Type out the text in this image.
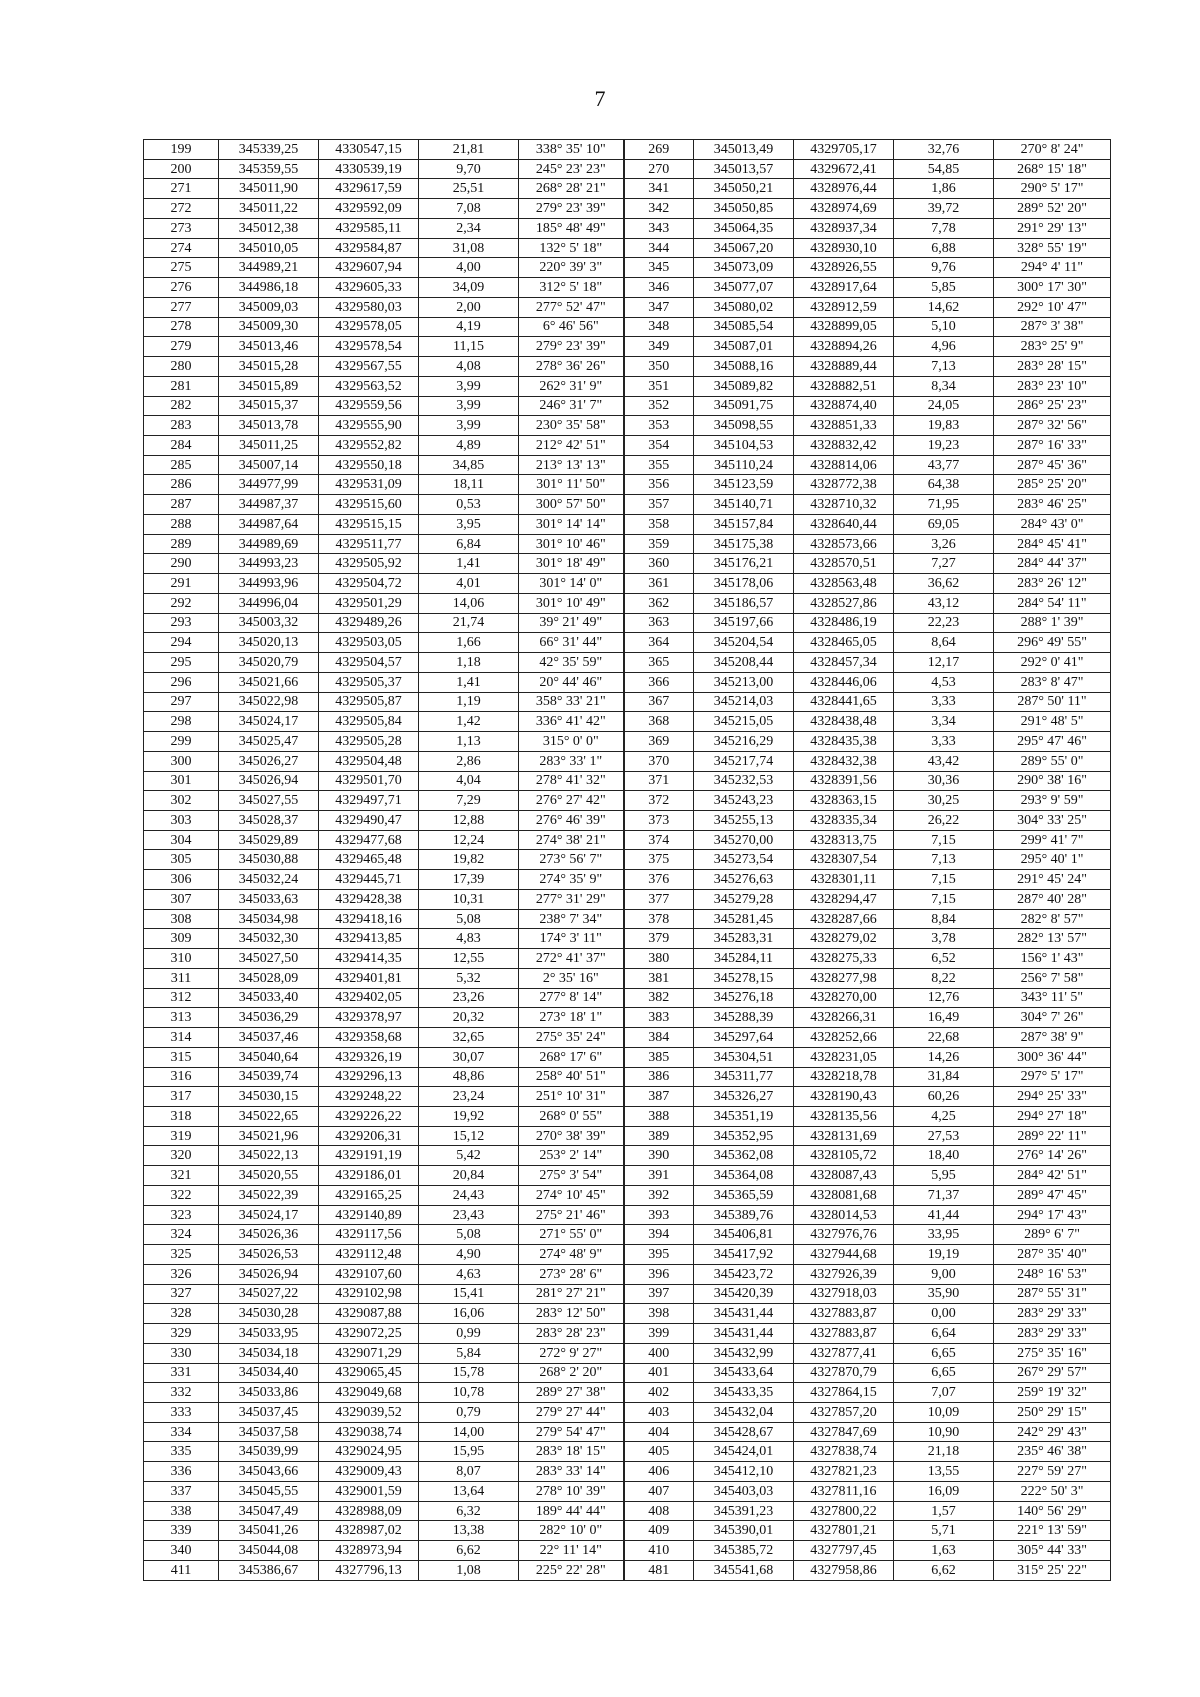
7
199	345339,25	4330547,15	21,81	338° 35' 10"	269	345013,49	4329705,17	32,76	270° 8' 24"
200	345359,55	4330539,19	9,70	245° 23' 23"	270	345013,57	4329672,41	54,85	268° 15' 18"
271	345011,90	4329617,59	25,51	268° 28' 21"	341	345050,21	4328976,44	1,86	290° 5' 17"
272	345011,22	4329592,09	7,08	279° 23' 39"	342	345050,85	4328974,69	39,72	289° 52' 20"
273	345012,38	4329585,11	2,34	185° 48' 49"	343	345064,35	4328937,34	7,78	291° 29' 13"
274	345010,05	4329584,87	31,08	132° 5' 18"	344	345067,20	4328930,10	6,88	328° 55' 19"
275	344989,21	4329607,94	4,00	220° 39' 3"	345	345073,09	4328926,55	9,76	294° 4' 11"
276	344986,18	4329605,33	34,09	312° 5' 18"	346	345077,07	4328917,64	5,85	300° 17' 30"
277	345009,03	4329580,03	2,00	277° 52' 47"	347	345080,02	4328912,59	14,62	292° 10' 47"
278	345009,30	4329578,05	4,19	6° 46' 56"	348	345085,54	4328899,05	5,10	287° 3' 38"
279	345013,46	4329578,54	11,15	279° 23' 39"	349	345087,01	4328894,26	4,96	283° 25' 9"
280	345015,28	4329567,55	4,08	278° 36' 26"	350	345088,16	4328889,44	7,13	283° 28' 15"
281	345015,89	4329563,52	3,99	262° 31' 9"	351	345089,82	4328882,51	8,34	283° 23' 10"
282	345015,37	4329559,56	3,99	246° 31' 7"	352	345091,75	4328874,40	24,05	286° 25' 23"
283	345013,78	4329555,90	3,99	230° 35' 58"	353	345098,55	4328851,33	19,83	287° 32' 56"
284	345011,25	4329552,82	4,89	212° 42' 51"	354	345104,53	4328832,42	19,23	287° 16' 33"
285	345007,14	4329550,18	34,85	213° 13' 13"	355	345110,24	4328814,06	43,77	287° 45' 36"
286	344977,99	4329531,09	18,11	301° 11' 50"	356	345123,59	4328772,38	64,38	285° 25' 20"
287	344987,37	4329515,60	0,53	300° 57' 50"	357	345140,71	4328710,32	71,95	283° 46' 25"
288	344987,64	4329515,15	3,95	301° 14' 14"	358	345157,84	4328640,44	69,05	284° 43' 0"
289	344989,69	4329511,77	6,84	301° 10' 46"	359	345175,38	4328573,66	3,26	284° 45' 41"
290	344993,23	4329505,92	1,41	301° 18' 49"	360	345176,21	4328570,51	7,27	284° 44' 37"
291	344993,96	4329504,72	4,01	301° 14' 0"	361	345178,06	4328563,48	36,62	283° 26' 12"
292	344996,04	4329501,29	14,06	301° 10' 49"	362	345186,57	4328527,86	43,12	284° 54' 11"
293	345003,32	4329489,26	21,74	39° 21' 49"	363	345197,66	4328486,19	22,23	288° 1' 39"
294	345020,13	4329503,05	1,66	66° 31' 44"	364	345204,54	4328465,05	8,64	296° 49' 55"
295	345020,79	4329504,57	1,18	42° 35' 59"	365	345208,44	4328457,34	12,17	292° 0' 41"
296	345021,66	4329505,37	1,41	20° 44' 46"	366	345213,00	4328446,06	4,53	283° 8' 47"
297	345022,98	4329505,87	1,19	358° 33' 21"	367	345214,03	4328441,65	3,33	287° 50' 11"
298	345024,17	4329505,84	1,42	336° 41' 42"	368	345215,05	4328438,48	3,34	291° 48' 5"
299	345025,47	4329505,28	1,13	315° 0' 0"	369	345216,29	4328435,38	3,33	295° 47' 46"
300	345026,27	4329504,48	2,86	283° 33' 1"	370	345217,74	4328432,38	43,42	289° 55' 0"
301	345026,94	4329501,70	4,04	278° 41' 32"	371	345232,53	4328391,56	30,36	290° 38' 16"
302	345027,55	4329497,71	7,29	276° 27' 42"	372	345243,23	4328363,15	30,25	293° 9' 59"
303	345028,37	4329490,47	12,88	276° 46' 39"	373	345255,13	4328335,34	26,22	304° 33' 25"
304	345029,89	4329477,68	12,24	274° 38' 21"	374	345270,00	4328313,75	7,15	299° 41' 7"
305	345030,88	4329465,48	19,82	273° 56' 7"	375	345273,54	4328307,54	7,13	295° 40' 1"
306	345032,24	4329445,71	17,39	274° 35' 9"	376	345276,63	4328301,11	7,15	291° 45' 24"
307	345033,63	4329428,38	10,31	277° 31' 29"	377	345279,28	4328294,47	7,15	287° 40' 28"
308	345034,98	4329418,16	5,08	238° 7' 34"	378	345281,45	4328287,66	8,84	282° 8' 57"
309	345032,30	4329413,85	4,83	174° 3' 11"	379	345283,31	4328279,02	3,78	282° 13' 57"
310	345027,50	4329414,35	12,55	272° 41' 37"	380	345284,11	4328275,33	6,52	156° 1' 43"
311	345028,09	4329401,81	5,32	2° 35' 16"	381	345278,15	4328277,98	8,22	256° 7' 58"
312	345033,40	4329402,05	23,26	277° 8' 14"	382	345276,18	4328270,00	12,76	343° 11' 5"
313	345036,29	4329378,97	20,32	273° 18' 1"	383	345288,39	4328266,31	16,49	304° 7' 26"
314	345037,46	4329358,68	32,65	275° 35' 24"	384	345297,64	4328252,66	22,68	287° 38' 9"
315	345040,64	4329326,19	30,07	268° 17' 6"	385	345304,51	4328231,05	14,26	300° 36' 44"
316	345039,74	4329296,13	48,86	258° 40' 51"	386	345311,77	4328218,78	31,84	297° 5' 17"
317	345030,15	4329248,22	23,24	251° 10' 31"	387	345326,27	4328190,43	60,26	294° 25' 33"
318	345022,65	4329226,22	19,92	268° 0' 55"	388	345351,19	4328135,56	4,25	294° 27' 18"
319	345021,96	4329206,31	15,12	270° 38' 39"	389	345352,95	4328131,69	27,53	289° 22' 11"
320	345022,13	4329191,19	5,42	253° 2' 14"	390	345362,08	4328105,72	18,40	276° 14' 26"
321	345020,55	4329186,01	20,84	275° 3' 54"	391	345364,08	4328087,43	5,95	284° 42' 51"
322	345022,39	4329165,25	24,43	274° 10' 45"	392	345365,59	4328081,68	71,37	289° 47' 45"
323	345024,17	4329140,89	23,43	275° 21' 46"	393	345389,76	4328014,53	41,44	294° 17' 43"
324	345026,36	4329117,56	5,08	271° 55' 0"	394	345406,81	4327976,76	33,95	289° 6' 7"
325	345026,53	4329112,48	4,90	274° 48' 9"	395	345417,92	4327944,68	19,19	287° 35' 40"
326	345026,94	4329107,60	4,63	273° 28' 6"	396	345423,72	4327926,39	9,00	248° 16' 53"
327	345027,22	4329102,98	15,41	281° 27' 21"	397	345420,39	4327918,03	35,90	287° 55' 31"
328	345030,28	4329087,88	16,06	283° 12' 50"	398	345431,44	4327883,87	0,00	283° 29' 33"
329	345033,95	4329072,25	0,99	283° 28' 23"	399	345431,44	4327883,87	6,64	283° 29' 33"
330	345034,18	4329071,29	5,84	272° 9' 27"	400	345432,99	4327877,41	6,65	275° 35' 16"
331	345034,40	4329065,45	15,78	268° 2' 20"	401	345433,64	4327870,79	6,65	267° 29' 57"
332	345033,86	4329049,68	10,78	289° 27' 38"	402	345433,35	4327864,15	7,07	259° 19' 32"
333	345037,45	4329039,52	0,79	279° 27' 44"	403	345432,04	4327857,20	10,09	250° 29' 15"
334	345037,58	4329038,74	14,00	279° 54' 47"	404	345428,67	4327847,69	10,90	242° 29' 43"
335	345039,99	4329024,95	15,95	283° 18' 15"	405	345424,01	4327838,74	21,18	235° 46' 38"
336	345043,66	4329009,43	8,07	283° 33' 14"	406	345412,10	4327821,23	13,55	227° 59' 27"
337	345045,55	4329001,59	13,64	278° 10' 39"	407	345403,03	4327811,16	16,09	222° 50' 3"
338	345047,49	4328988,09	6,32	189° 44' 44"	408	345391,23	4327800,22	1,57	140° 56' 29"
339	345041,26	4328987,02	13,38	282° 10' 0"	409	345390,01	4327801,21	5,71	221° 13' 59"
340	345044,08	4328973,94	6,62	22° 11' 14"	410	345385,72	4327797,45	1,63	305° 44' 33"
411	345386,67	4327796,13	1,08	225° 22' 28"	481	345541,68	4327958,86	6,62	315° 25' 22"
